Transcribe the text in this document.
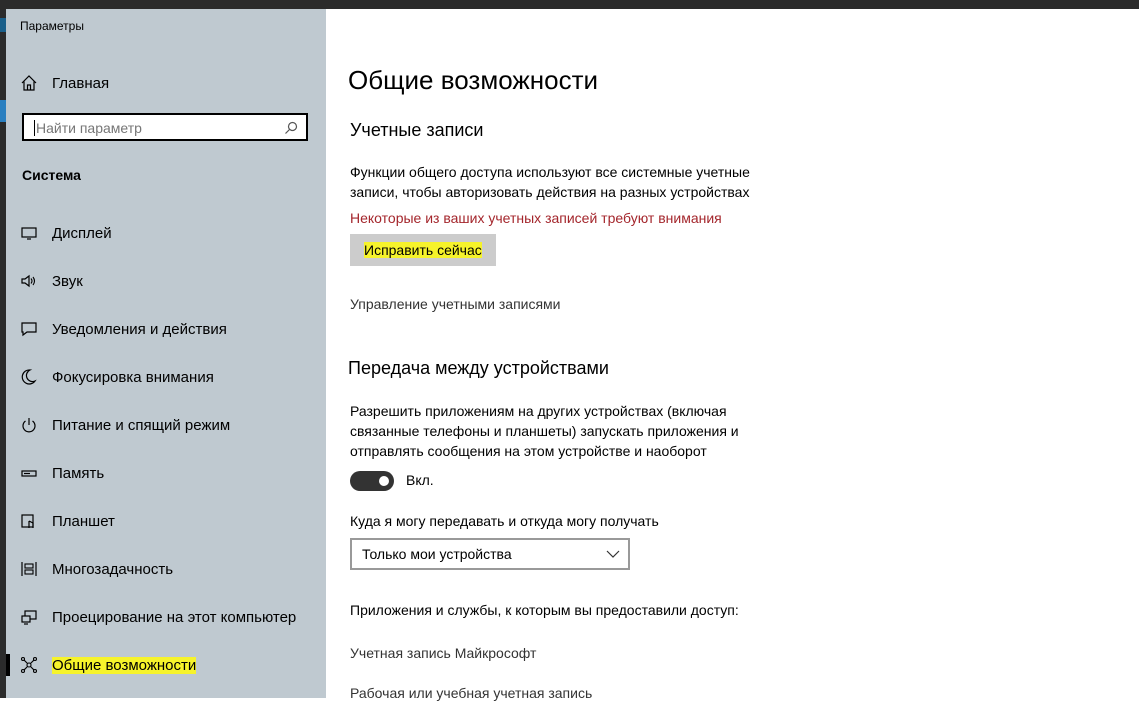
Параметры
Главная
Найти параметр
Система
Дисплей
Звук
Уведомления и действия
Фокусировка внимания
Питание и спящий режим
Память
Планшет
Многозадачность
Проецирование на этот компьютер
Общие возможности
Общие возможности
Учетные записи
Функции общего доступа используют все системные учетные записи, чтобы авторизовать действия на разных устройствах
Некоторые из ваших учетных записей требуют внимания
Исправить сейчас
Управление учетными записями
Передача между устройствами
Разрешить приложениям на других устройствах (включая связанные телефоны и планшеты) запускать приложения и отправлять сообщения на этом устройстве и наоборот
Вкл.
Куда я могу передавать и откуда могу получать
Только мои устройства
Приложения и службы, к которым вы предоставили доступ:
Учетная запись Майкрософт
Рабочая или учебная учетная запись
